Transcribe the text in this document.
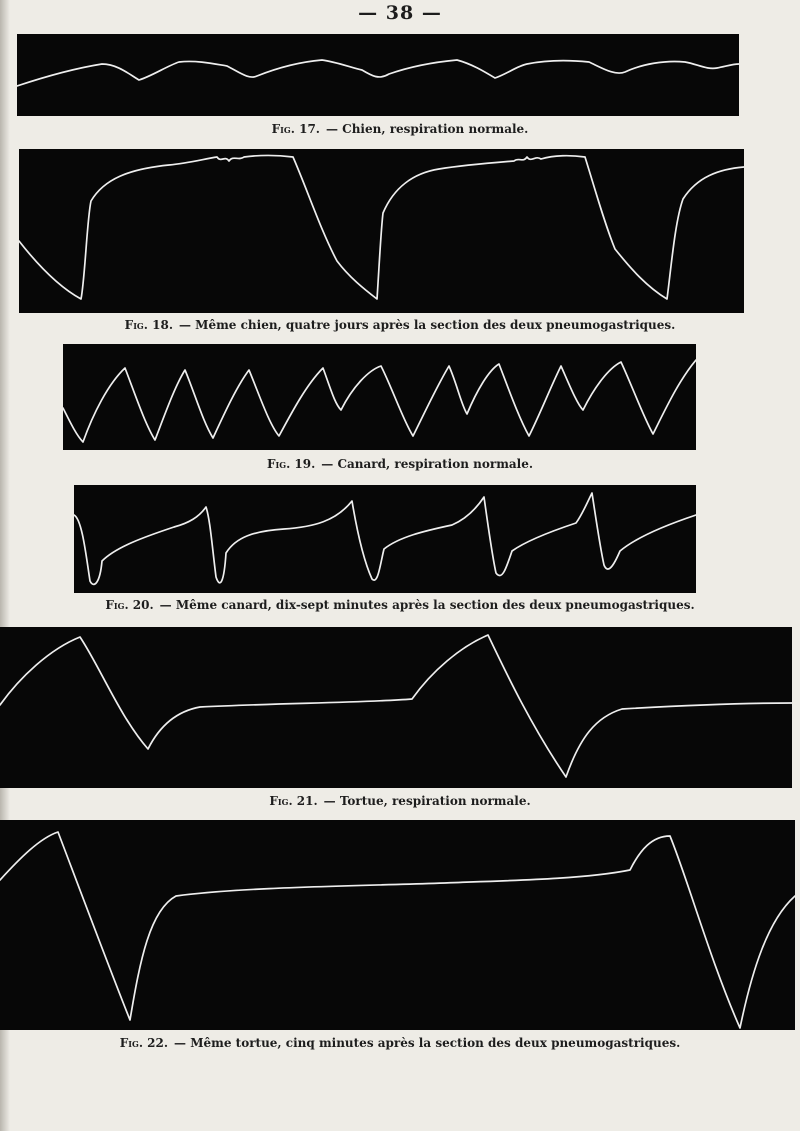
— 38 —
Fig. 17. — Chien, respiration normale.
Fig. 18. — Même chien, quatre jours après la section des deux pneumogastriques.
Fig. 19. — Canard, respiration normale.
Fig. 20. — Même canard, dix-sept minutes après la section des deux pneumogastriques.
Fig. 21. — Tortue, respiration normale.
Fig. 22. — Même tortue, cinq minutes après la section des deux pneumogastriques.
